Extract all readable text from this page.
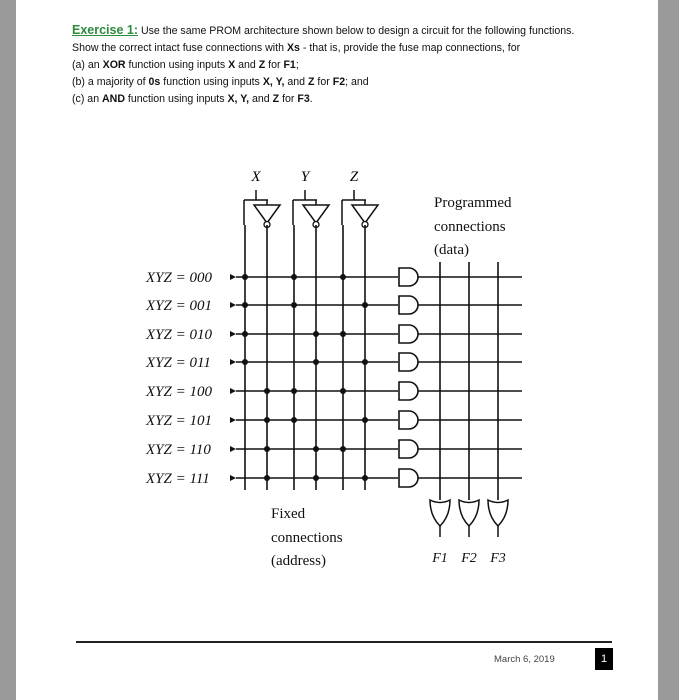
Exercise 1: Use the same PROM architecture shown below to design a circuit for the following functions. Show the correct intact fuse connections with Xs - that is, provide the fuse map connections, for

(a) an XOR function using inputs X and Z for F1;

(b) a majority of 0s function using inputs X, Y, and Z for F2; and

(c) an AND function using inputs X, Y, and Z for F3.

X	Y	Z
XYZ = 000
XYZ = 001
XYZ = 010
XYZ = 011
XYZ = 100
XYZ = 101
XYZ = 110
XYZ = 111
Programmed
connections
(data)
Fixed
connections
(address)	F1 F2 F3
March 6, 2019	1
